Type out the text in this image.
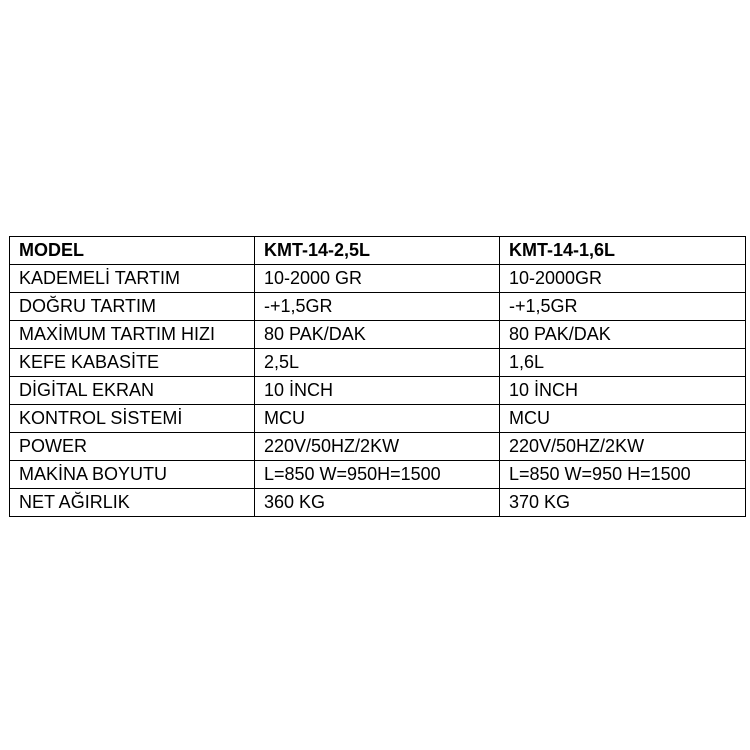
MODEL	KMT-14-2,5L	KMT-14-1,6L
KADEMELİ TARTIM	10-2000 GR	10-2000GR
DOĞRU TARTIM	-+1,5GR	-+1,5GR
MAXİMUM TARTIM HIZI	80 PAK/DAK	80 PAK/DAK
KEFE KABASİTE	2,5L	1,6L
DİGİTAL EKRAN	10 İNCH	10 İNCH
KONTROL SİSTEMİ	MCU	MCU
POWER	220V/50HZ/2KW	220V/50HZ/2KW
MAKİNA BOYUTU	L=850 W=950H=1500	L=850 W=950 H=1500
NET AĞIRLIK	360 KG	370 KG
